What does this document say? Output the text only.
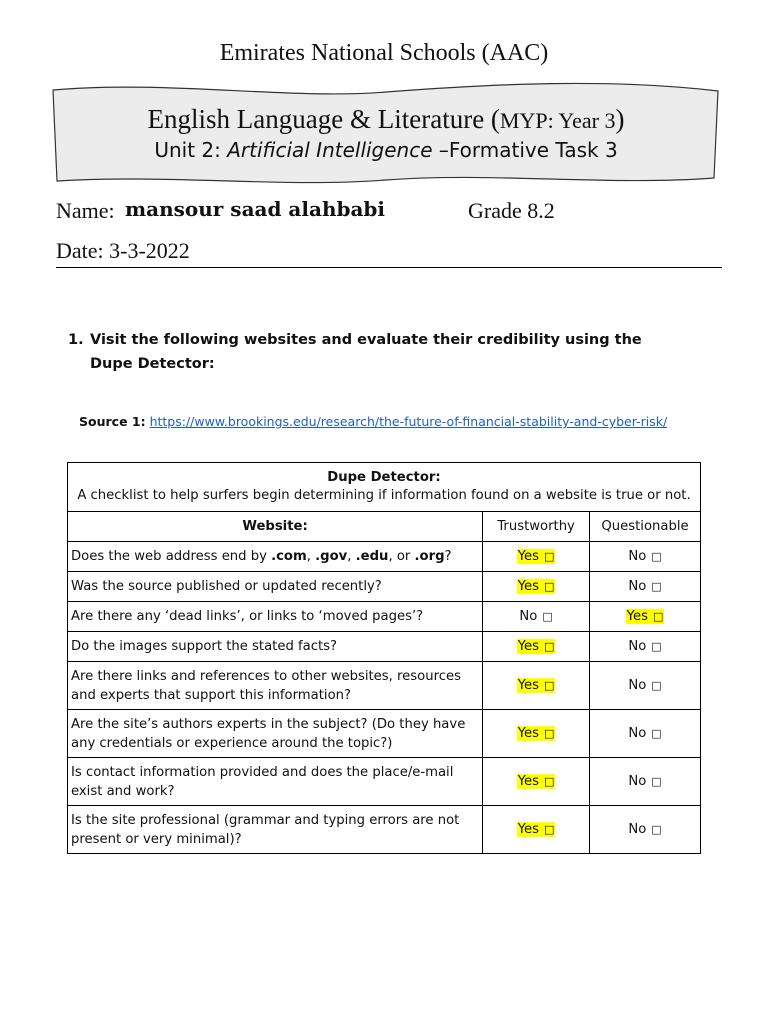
Emirates National Schools (AAC)
English Language & Literature (MYP: Year 3)
Unit 2: Artificial Intelligence –Formative Task 3
Name: mansour saad alahbabi	Grade 8.2
Date: 3-3-2022
1. Visit the following websites and evaluate their credibility using the Dupe Detector:
Source 1: https://www.brookings.edu/research/the-future-of-financial-stability-and-cyber-risk/
Dupe Detector:
A checklist to help surfers begin determining if information found on a website is true or not.		
Website:	Trustworthy	Questionable
Does the web address end by .com, .gov, .edu, or .org?	Yes □	No □
Was the source published or updated recently?	Yes □	No □
Are there any ‘dead links’, or links to ‘moved pages’?	No □	Yes □
Do the images support the stated facts?	Yes □	No □
Are there links and references to other websites, resources and experts that support this information?	Yes □	No □
Are the site’s authors experts in the subject? (Do they have any credentials or experience around the topic?)	Yes □	No □
Is contact information provided and does the place/e-mail exist and work?	Yes □	No □
Is the site professional (grammar and typing errors are not present or very minimal)?	Yes □	No □
